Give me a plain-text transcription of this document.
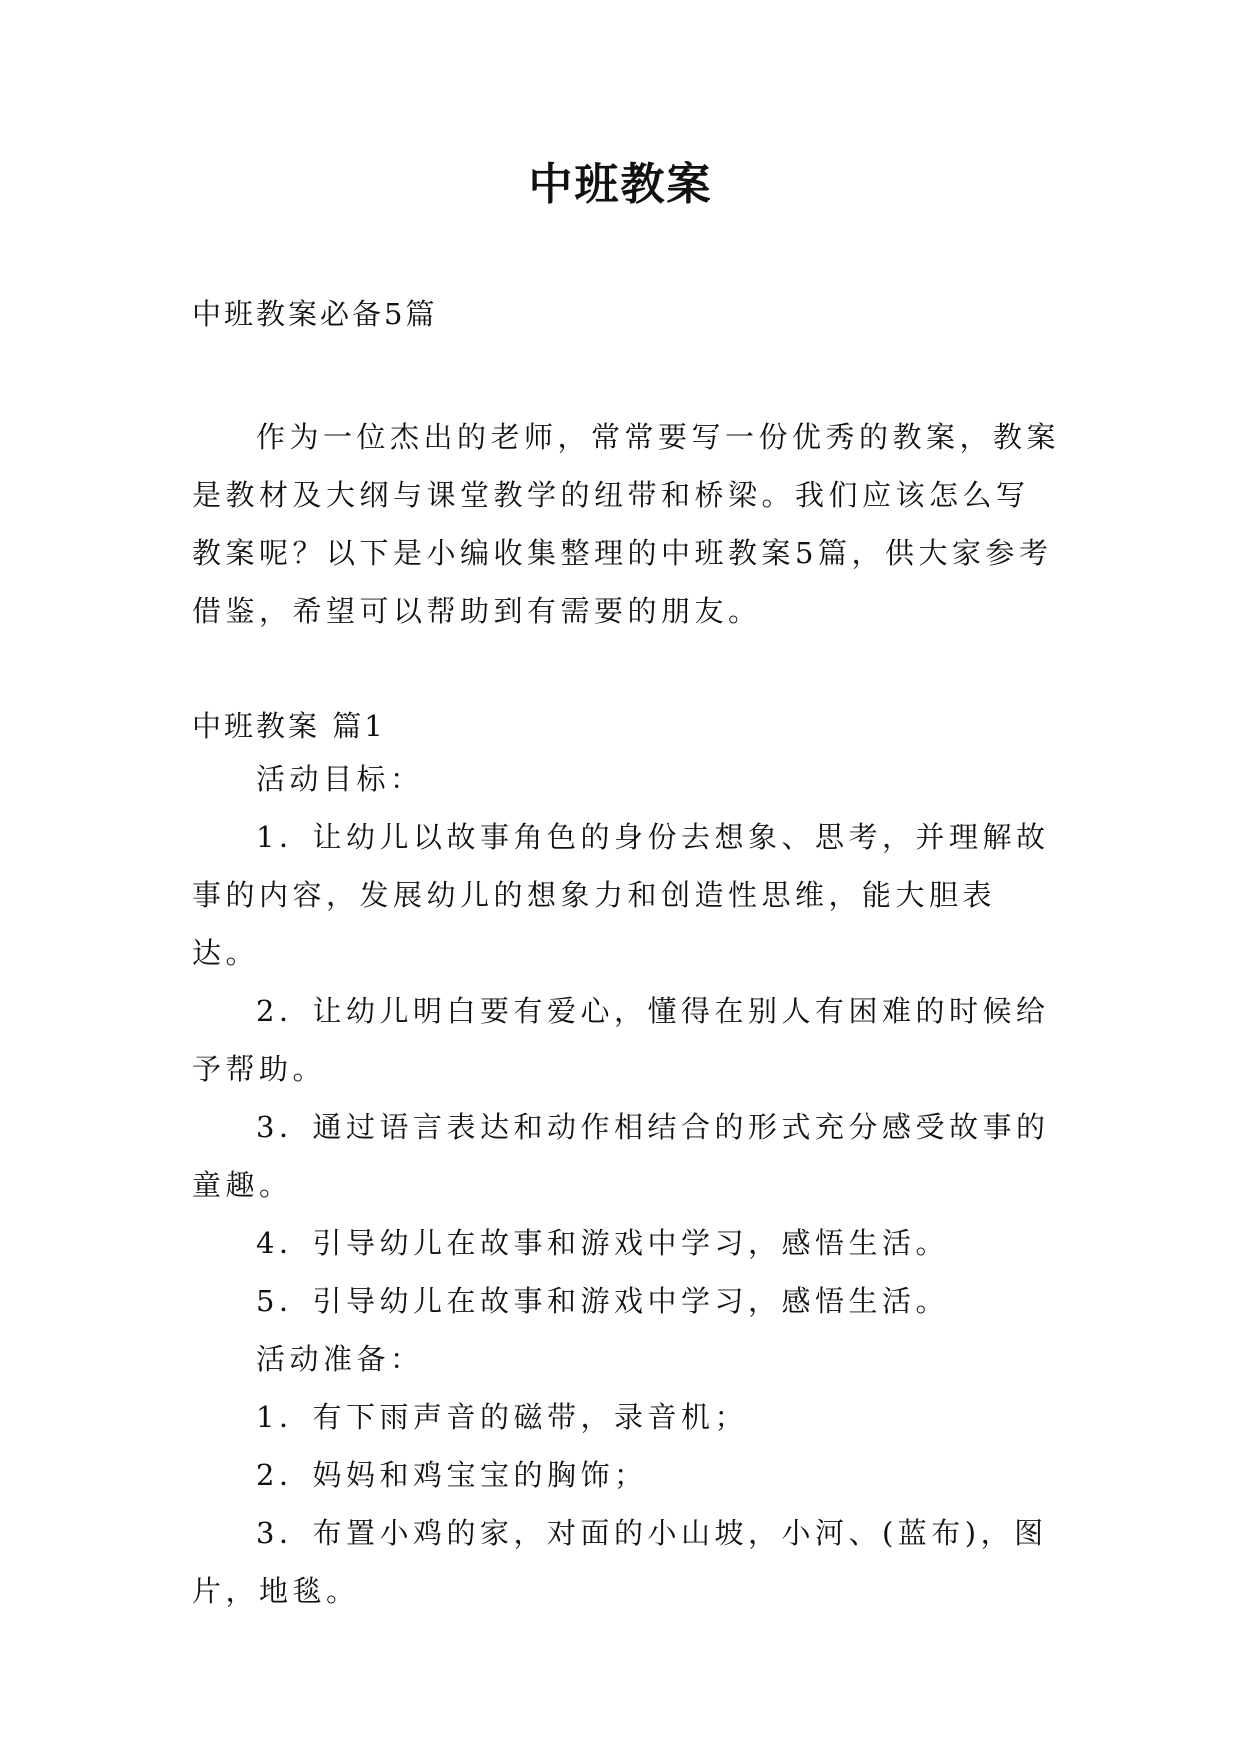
中班教案
中班教案必备5篇
作为一位杰出的老师，常常要写一份优秀的教案，教案是教材及大纲与课堂教学的纽带和桥梁。我们应该怎么写教案呢？以下是小编收集整理的中班教案5篇，供大家参考借鉴，希望可以帮助到有需要的朋友。
中班教案 篇1

活动目标：

1．让幼儿以故事角色的身份去想象、思考，并理解故事的内容，发展幼儿的想象力和创造性思维，能大胆表达。

2．让幼儿明白要有爱心，懂得在别人有困难的时候给予帮助。

3．通过语言表达和动作相结合的形式充分感受故事的童趣。

4．引导幼儿在故事和游戏中学习，感悟生活。

5．引导幼儿在故事和游戏中学习，感悟生活。

活动准备：

1．有下雨声音的磁带，录音机；

2．妈妈和鸡宝宝的胸饰；

3．布置小鸡的家，对面的小山坡，小河、(蓝布)，图片，地毯。
